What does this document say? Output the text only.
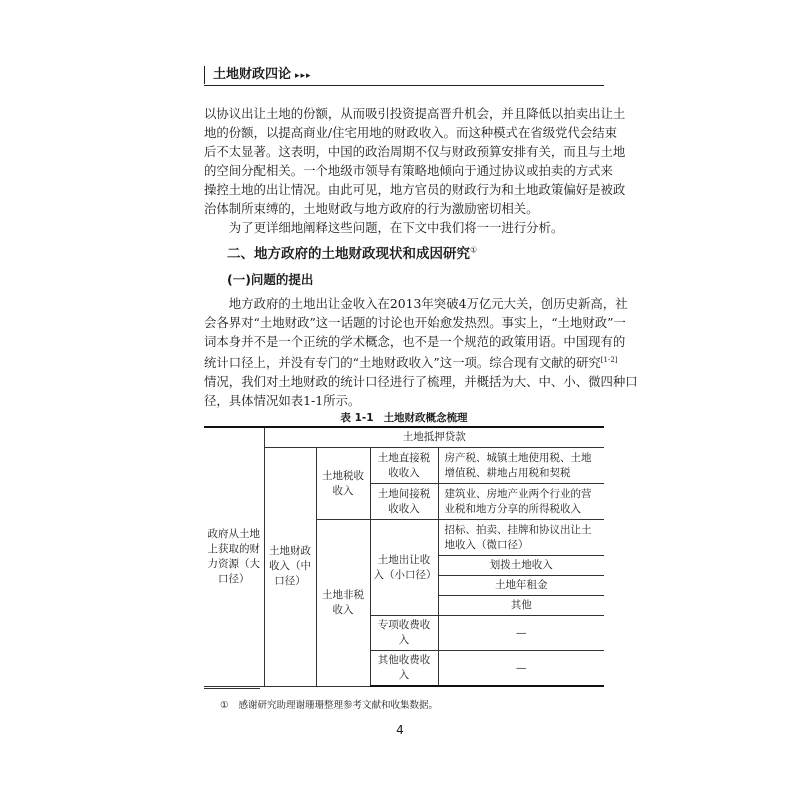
土地财政四论 ▸▸▸

以协议出让土地的份额，从而吸引投资提高晋升机会，并且降低以拍卖出让土
地的份额，以提高商业/住宅用地的财政收入。而这种模式在省级党代会结束
后不太显著。这表明，中国的政治周期不仅与财政预算安排有关，而且与土地
的空间分配相关。一个地级市领导有策略地倾向于通过协议或拍卖的方式来
操控土地的出让情况。由此可见，地方官员的财政行为和土地政策偏好是被政
治体制所束缚的，土地财政与地方政府的行为激励密切相关。

为了更详细地阐释这些问题，在下文中我们将一一进行分析。

二、地方政府的土地财政现状和成因研究①

(一)问题的提出

地方政府的土地出让金收入在2013年突破4万亿元大关，创历史新高，社
会各界对“土地财政”这一话题的讨论也开始愈发热烈。事实上，“土地财政”一
词本身并不是一个正统的学术概念，也不是一个规范的政策用语。中国现有的
统计口径上，并没有专门的“土地财政收入”这一项。综合现有文献的研究[1-2]
情况，我们对土地财政的统计口径进行了梳理，并概括为大、中、小、微四种口
径，具体情况如表1-1所示。

表 1-1 土地财政概念梳理

政府从土地上获取的财力资源（大口径）	土地抵押贷款			
	土地财政收入（中口径）	土地税收收入	土地直接税收收入	房产税、城镇土地使用税、土地增值税、耕地占用税和契税
			土地间接税收收入	建筑业、房地产业两个行业的营业税和地方分享的所得税收入
		土地非税收入	土地出让收入（小口径）	招标、拍卖、挂牌和协议出让土地收入（微口径）
				划拨土地收入
				土地年租金
				其他
			专项收费收入	—
			其他收费收入	—

① 感谢研究助理谢珊珊整理参考文献和收集数据。

4
